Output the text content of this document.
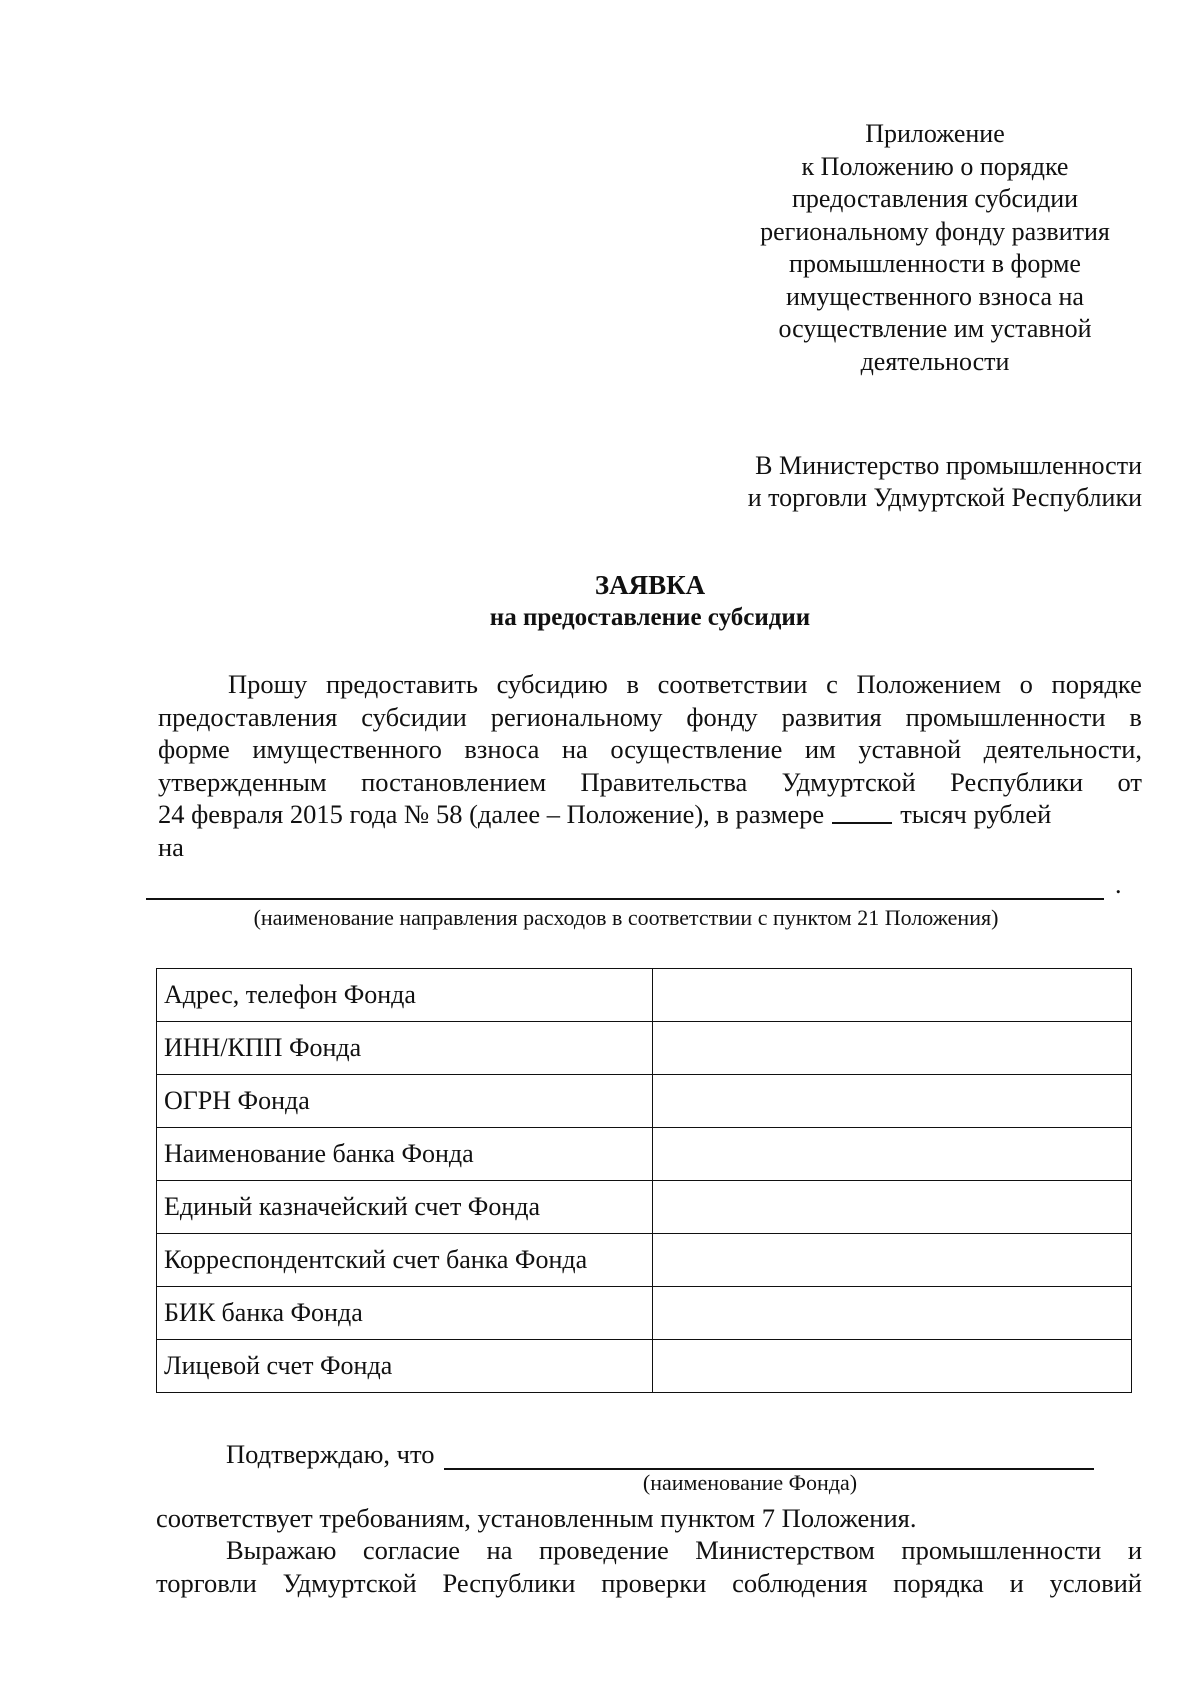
Приложение
к Положению о порядке
предоставления субсидии
региональному фонду развития
промышленности в форме
имущественного взноса на
осуществление им уставной
деятельности
В Министерство промышленности
и торговли Удмуртской Республики
ЗАЯВКА
на предоставление субсидии
Прошу предоставить субсидию в соответствии с Положением о порядке
предоставления субсидии региональному фонду развития промышленности в
форме имущественного взноса на осуществление им уставной деятельности,
утвержденным постановлением Правительства Удмуртской Республики от
24 февраля 2015 года № 58 (далее – Положение), в размере	тысяч рублей
на
.
(наименование направления расходов в соответствии с пунктом 21 Положения)
Адрес, телефон Фонда	
ИНН/КПП Фонда	
ОГРН Фонда	
Наименование банка Фонда	
Единый казначейский счет Фонда	
Корреспондентский счет банка Фонда	
БИК банка Фонда	
Лицевой счет Фонда	
Подтверждаю, что
(наименование Фонда)
соответствует требованиям, установленным пунктом 7 Положения.
Выражаю согласие на проведение Министерством промышленности и
торговли Удмуртской Республики проверки соблюдения порядка и условий
